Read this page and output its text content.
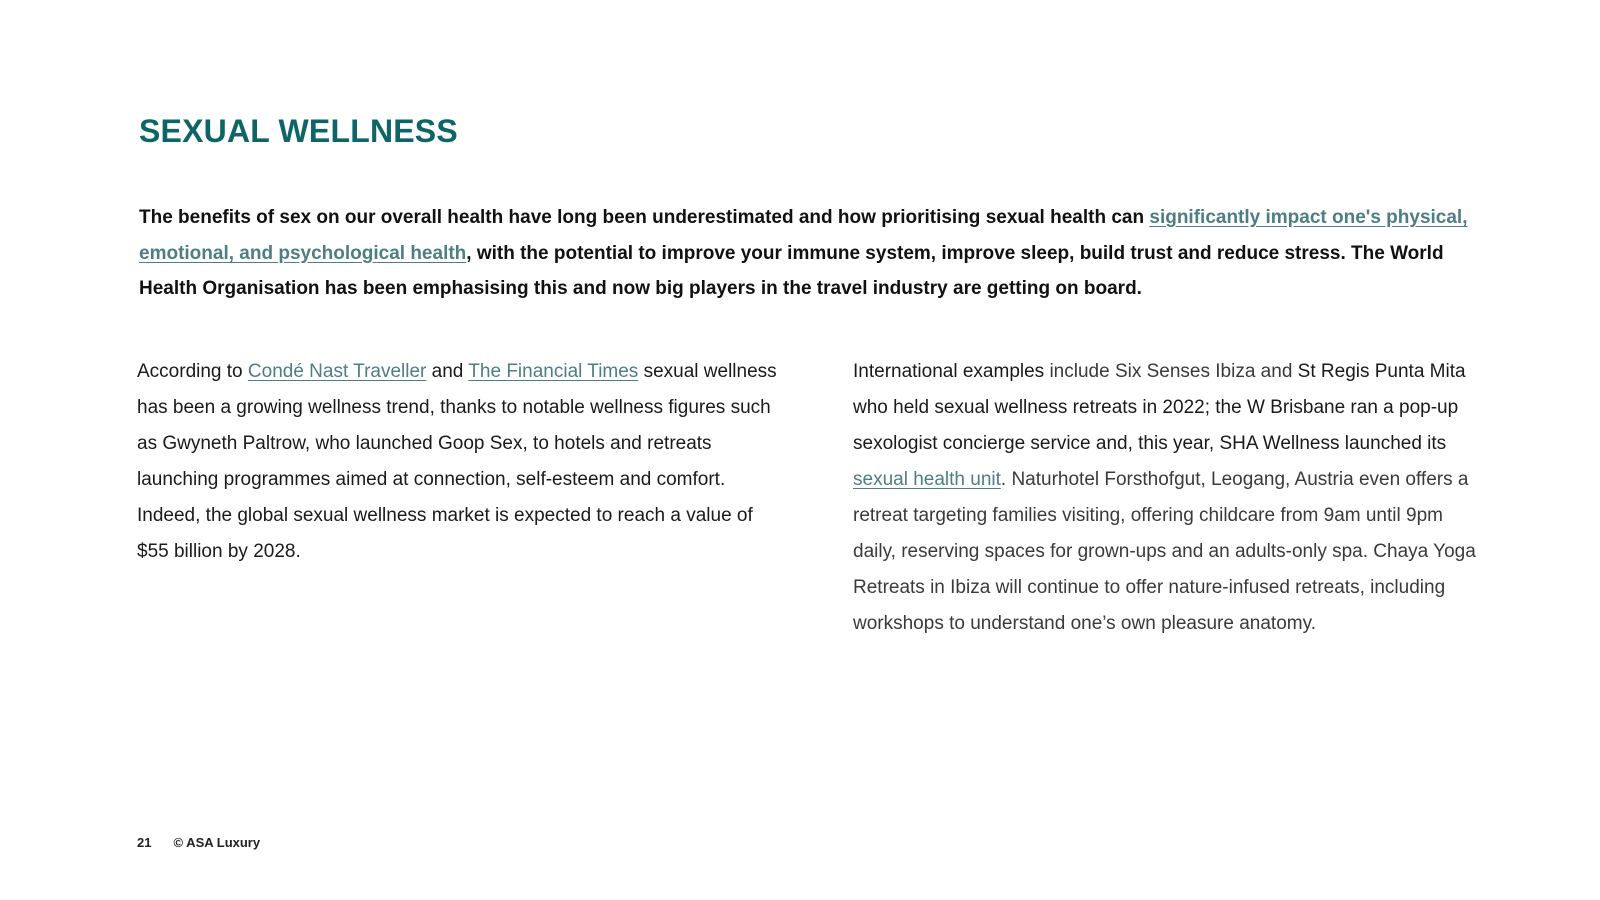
SEXUAL WELLNESS

The benefits of sex on our overall health have long been underestimated and how prioritising sexual health can significantly impact one's physical, emotional, and psychological health, with the potential to improve your immune system, improve sleep, build trust and reduce stress. The World Health Organisation has been emphasising this and now big players in the travel industry are getting on board.

According to Condé Nast Traveller and The Financial Times sexual wellness has been a growing wellness trend, thanks to notable wellness figures such as Gwyneth Paltrow, who launched Goop Sex, to hotels and retreats launching programmes aimed at connection, self-esteem and comfort. Indeed, the global sexual wellness market is expected to reach a value of $55 billion by 2028.

International examples include Six Senses Ibiza and St Regis Punta Mita who held sexual wellness retreats in 2022; the W Brisbane ran a pop-up sexologist concierge service and, this year, SHA Wellness launched its sexual health unit. Naturhotel Forsthofgut, Leogang, Austria even offers a retreat targeting families visiting, offering childcare from 9am until 9pm daily, reserving spaces for grown-ups and an adults-only spa. Chaya Yoga Retreats in Ibiza will continue to offer nature-infused retreats, including workshops to understand one’s own pleasure anatomy.

21 © ASA Luxury
